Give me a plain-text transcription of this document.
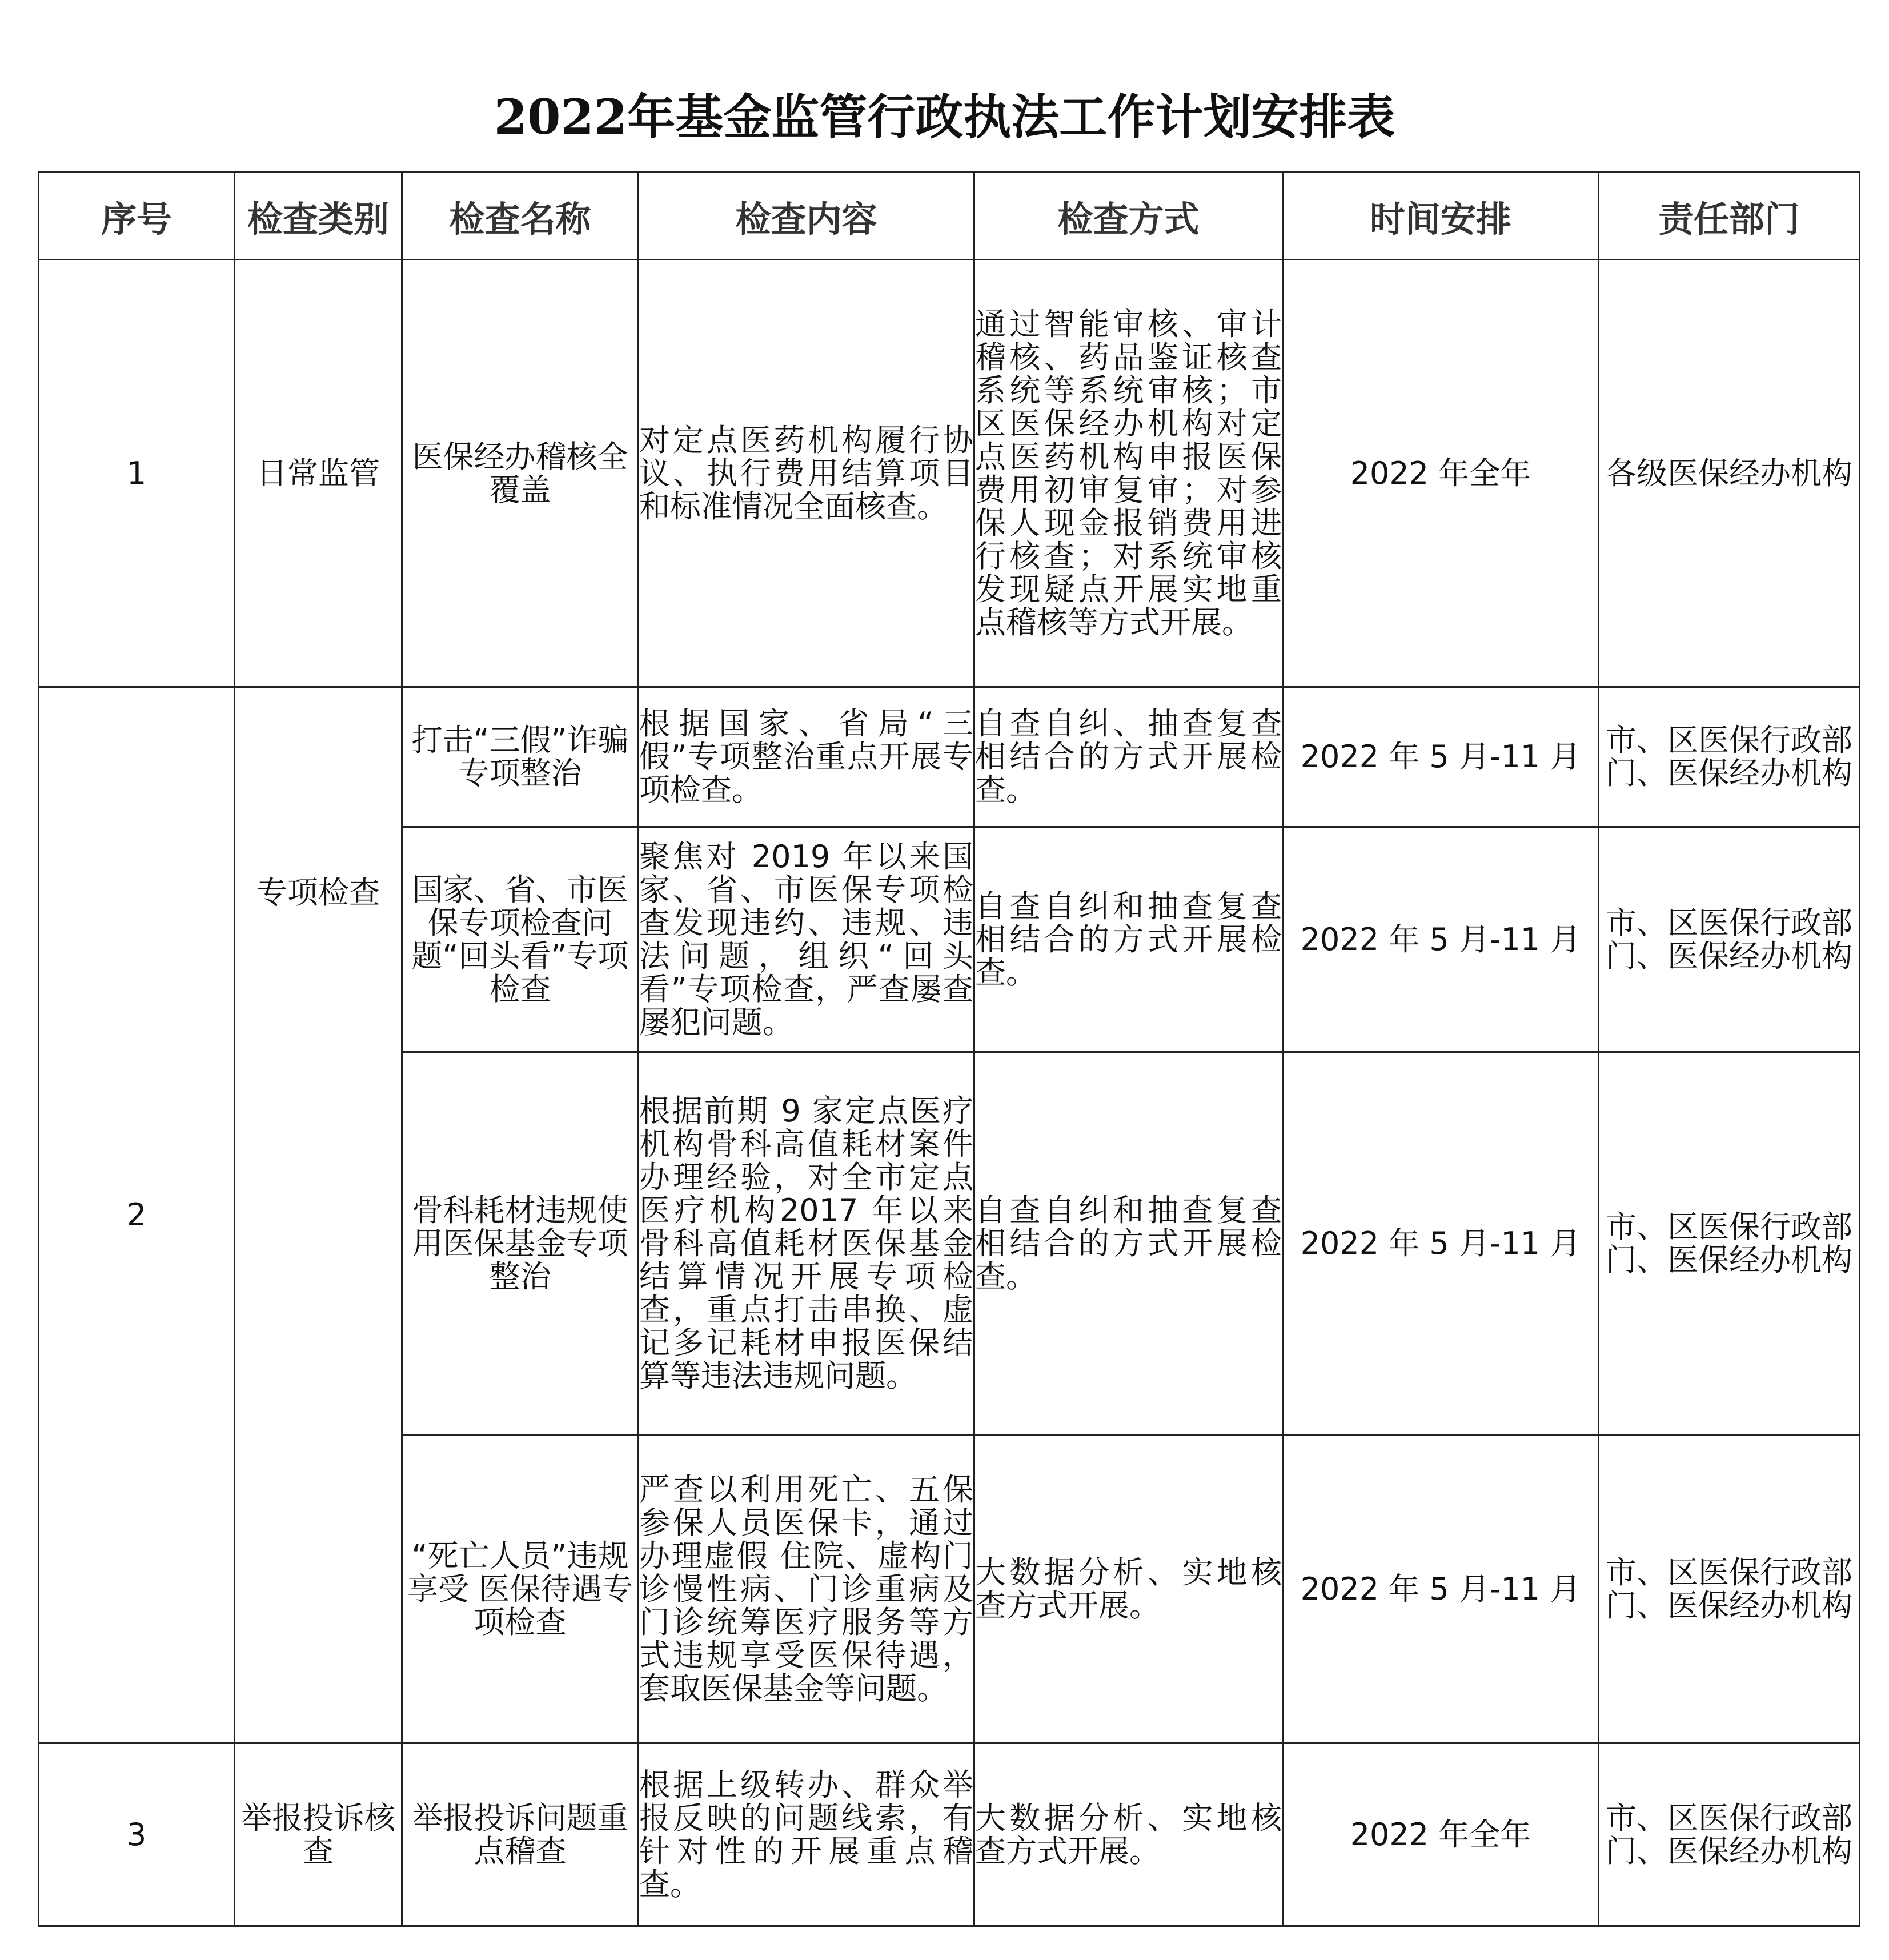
2022年基金监管行政执法工作计划安排表
序号	检查类别	检查名称	检查内容	检查方式	时间安排	责任部门
1	日常监管	医保经办稽核全覆盖	对定点医药机构履行协议、执行费用结算项目和标准情况全面核查。	通过智能审核、审计稽核、药品鉴证核查系统等系统审核；市区医保经办机构对定点医药机构申报医保费用初审复审；对参保人现金报销费用进行核查；对系统审核发现疑点开展实地重点稽核等方式开展。	2022 年全年	各级医保经办机构
2	专项检查	打击“三假”诈骗专项整治	根据国家、省局“三假”专项整治重点开展专项检查。	自查自纠、抽查复查相结合的方式开展检查。	2022 年 5 月-11 月	市、区医保行政部门、医保经办机构
		国家、省、市医保专项检查问题“回头看”专项检查	聚焦对 2019 年以来国家、省、市医保专项检查发现违约、违规、违法问题，组织“回头看”专项检查，严查屡查屡犯问题。	自查自纠和抽查复查相结合的方式开展检查。	2022 年 5 月-11 月	市、区医保行政部门、医保经办机构
		骨科耗材违规使用医保基金专项整治	根据前期 9 家定点医疗机构骨科高值耗材案件办理经验，对全市定点医疗机构2017 年以来骨科高值耗材医保基金结算情况开展专项检查，重点打击串换、虚记多记耗材申报医保结算等违法违规问题。	自查自纠和抽查复查相结合的方式开展检查。	2022 年 5 月-11 月	市、区医保行政部门、医保经办机构
		“死亡人员”违规享受 医保待遇专项检查	严查以利用死亡、五保参保人员医保卡，通过办理虚假 住院、虚构门诊慢性病、门诊重病及门诊统筹医疗服务等方式违规享受医保待遇，套取医保基金等问题。	大数据分析、实地核查方式开展。	2022 年 5 月-11 月	市、区医保行政部门、医保经办机构
3	举报投诉核查	举报投诉问题重点稽查	根据上级转办、群众举报反映的问题线索，有针对性的开展重点稽查。	大数据分析、实地核查方式开展。	2022 年全年	市、区医保行政部门、医保经办机构
